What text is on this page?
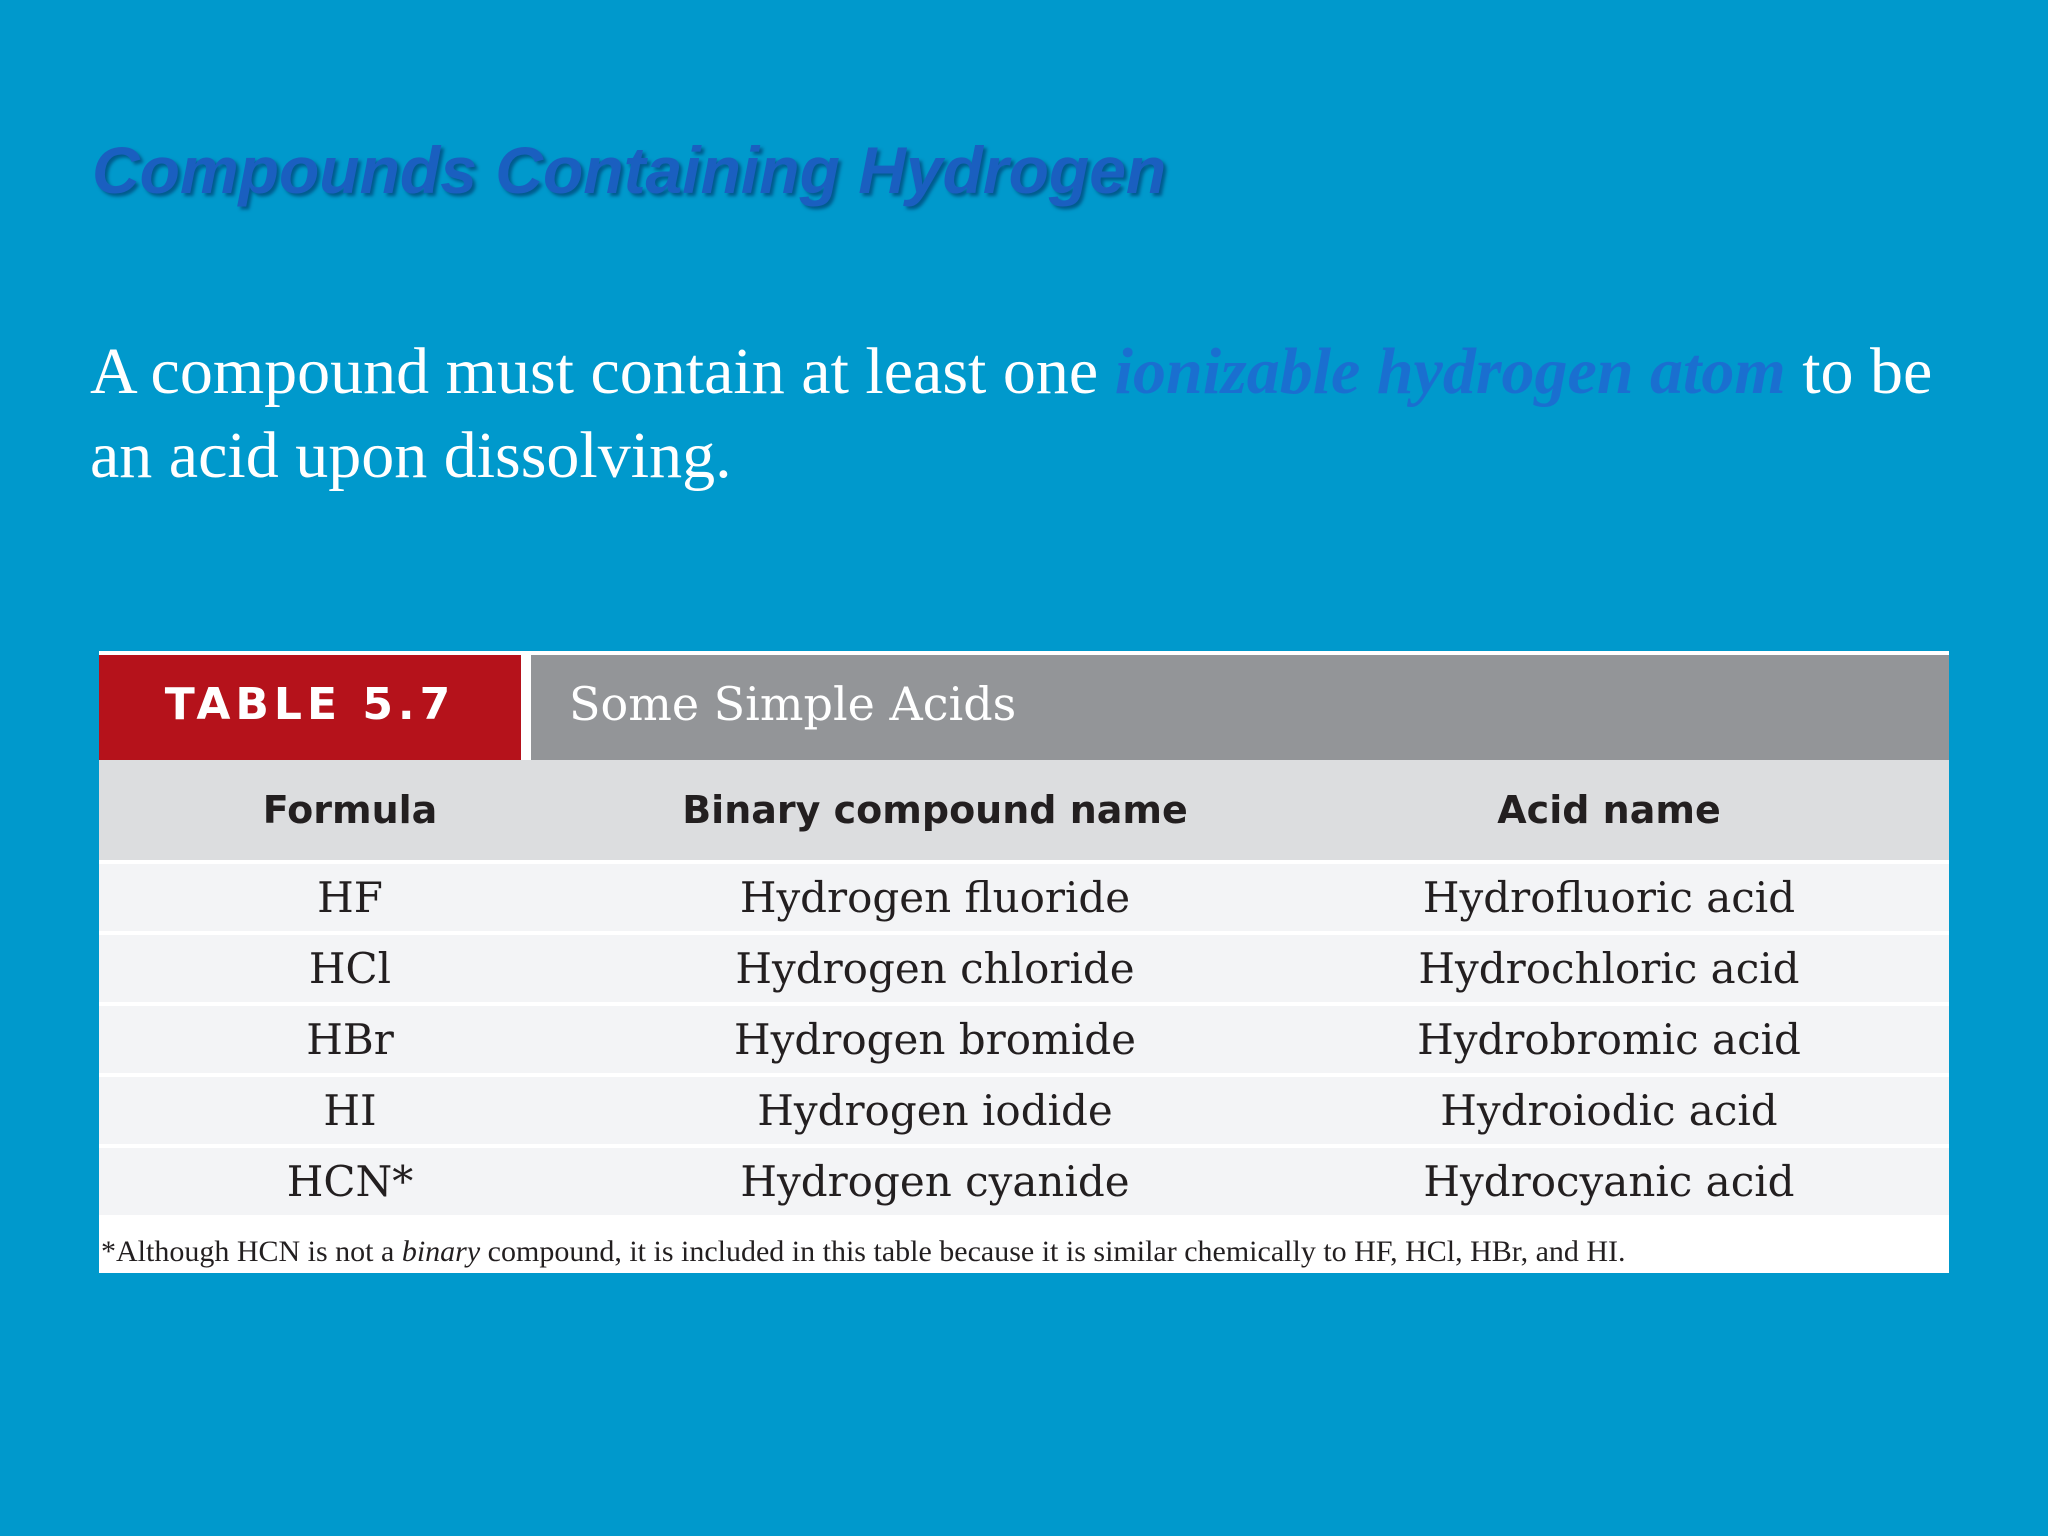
Compounds Containing Hydrogen

A compound must contain at least one ionizable hydrogen atom to be an acid upon dissolving.

TABLE 5.7	Some Simple Acids
Formula	Binary compound name	Acid name
HF	Hydrogen fluoride	Hydrofluoric acid
HCl	Hydrogen chloride	Hydrochloric acid
HBr	Hydrogen bromide	Hydrobromic acid
HI	Hydrogen iodide	Hydroiodic acid
HCN*	Hydrogen cyanide	Hydrocyanic acid

*Although HCN is not a binary compound, it is included in this table because it is similar chemically to HF, HCl, HBr, and HI.
